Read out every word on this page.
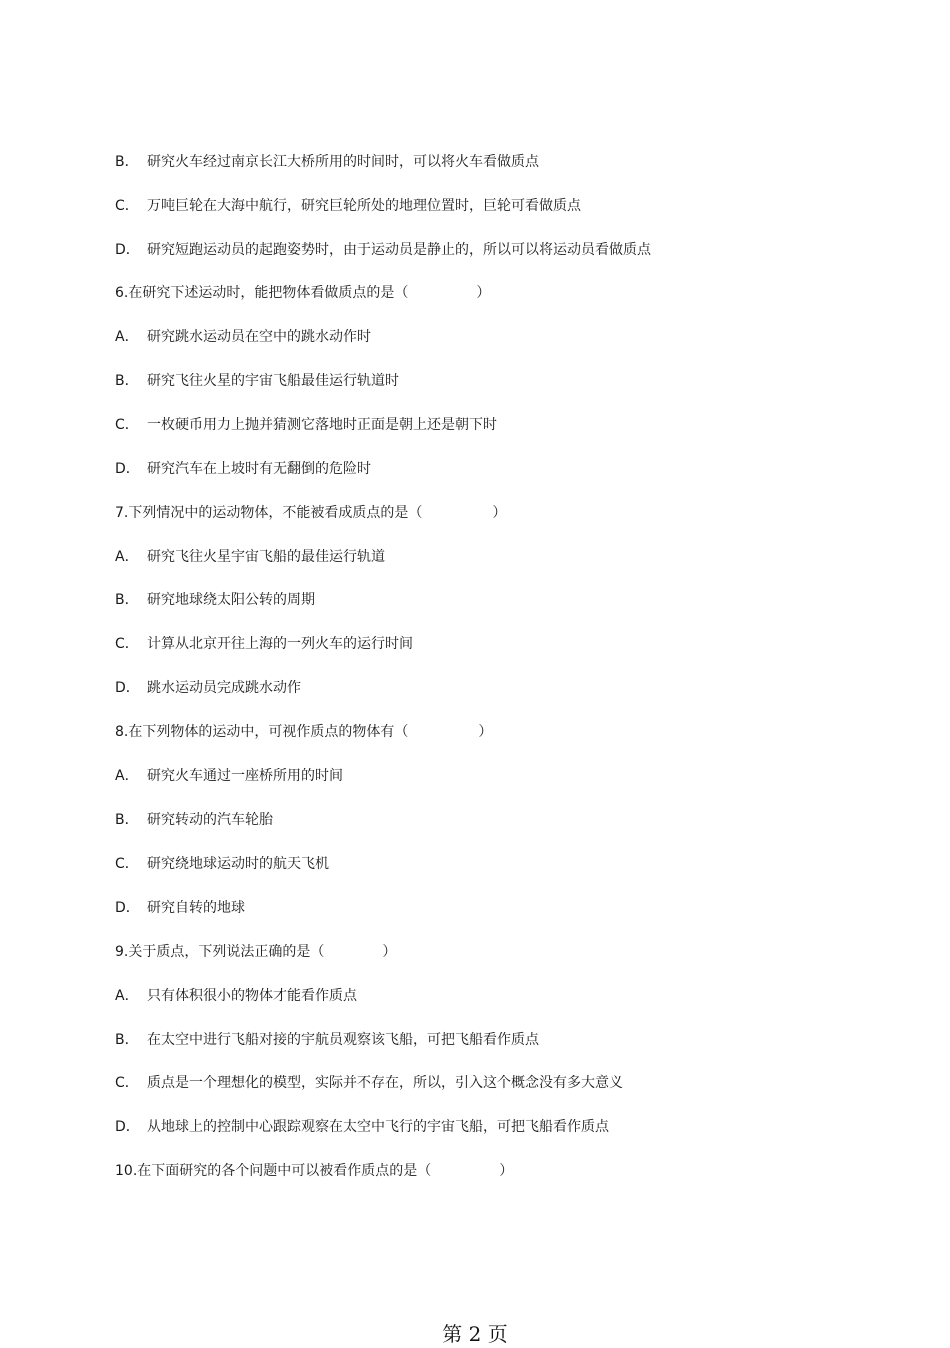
B． 研究火车经过南京长江大桥所用的时间时，可以将火车看做质点
C． 万吨巨轮在大海中航行，研究巨轮所处的地理位置时，巨轮可看做质点
D． 研究短跑运动员的起跑姿势时，由于运动员是静止的，所以可以将运动员看做质点
6.在研究下述运动时，能把物体看做质点的是（	）
A． 研究跳水运动员在空中的跳水动作时
B． 研究飞往火星的宇宙飞船最佳运行轨道时
C． 一枚硬币用力上抛并猜测它落地时正面是朝上还是朝下时
D． 研究汽车在上坡时有无翻倒的危险时
7.下列情况中的运动物体，不能被看成质点的是（	）
A． 研究飞往火星宇宙飞船的最佳运行轨道
B． 研究地球绕太阳公转的周期
C． 计算从北京开往上海的一列火车的运行时间
D． 跳水运动员完成跳水动作
8.在下列物体的运动中，可视作质点的物体有（	）
A． 研究火车通过一座桥所用的时间
B． 研究转动的汽车轮胎
C． 研究绕地球运动时的航天飞机
D． 研究自转的地球
9.关于质点，下列说法正确的是（	）
A． 只有体积很小的物体才能看作质点
B． 在太空中进行飞船对接的宇航员观察该飞船，可把飞船看作质点
C． 质点是一个理想化的模型，实际并不存在，所以，引入这个概念没有多大意义
D． 从地球上的控制中心跟踪观察在太空中飞行的宇宙飞船，可把飞船看作质点
10.在下面研究的各个问题中可以被看作质点的是（	）
第 2 页
